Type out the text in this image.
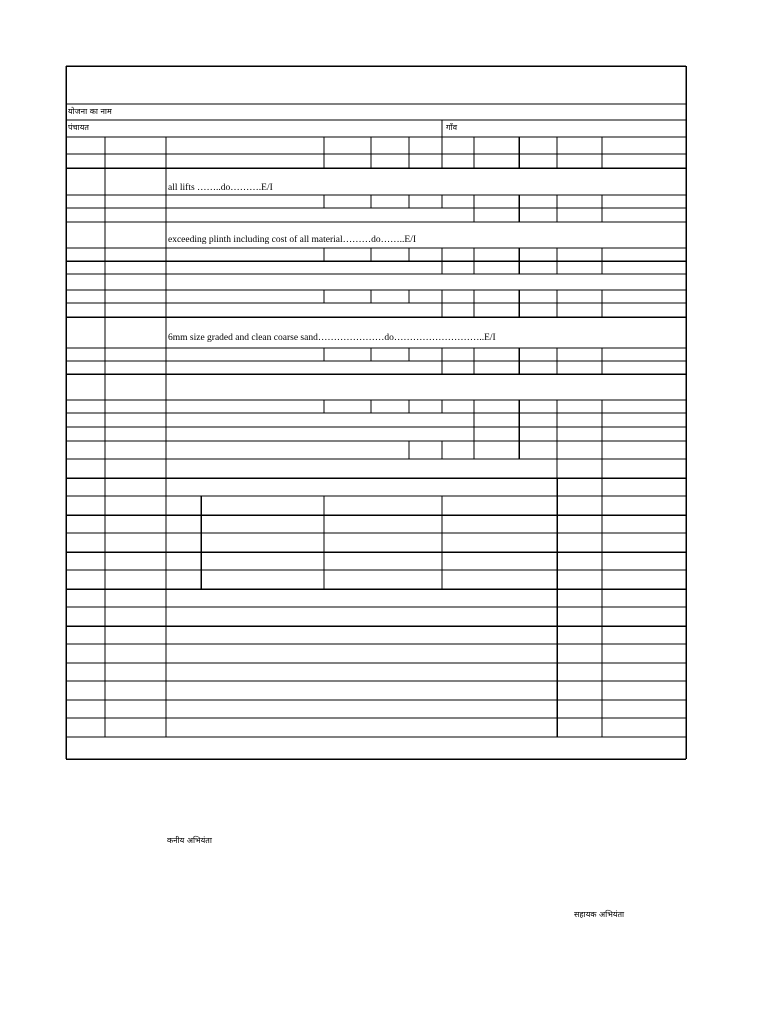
योजना का नाम
पंचायत	गाँव
all lifts ……..do……….E/I
exceeding plinth including cost of all material………do……..E/I
6mm size graded and clean coarse sand…………………do………………………..E/I
कनीय अभियंता
सहायक अभियंता
